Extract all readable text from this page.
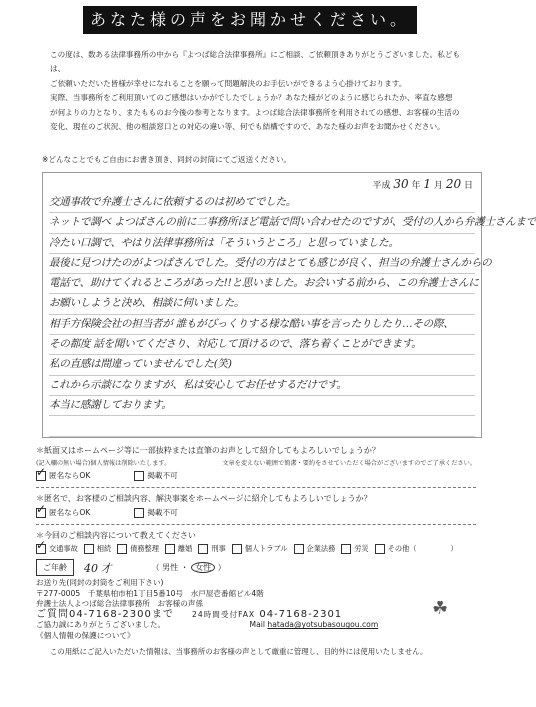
あなた様の声をお聞かせください。

この度は、数ある法律事務所の中から『よつば総合法律事務所』にご相談、ご依頼頂きありがとうございました。私どもは、

ご依頼いただいた皆様が幸せになれることを願って問題解決のお手伝いができるよう心掛けております。

実際、当事務所をご利用頂いてのご感想はいかがでしたでしょうか？あなた様がどのように感じられたか、率直な感想

が何よりの力となり、またもものお今後の参考となります。よつば総合法律事務所を利用されての感想、お客様の生活の

変化、現在のご状況、他の相談窓口との対応の違い等、何でも結構ですので、あなた様のお声をお聞かせください。

※どんなことでもご自由にお書き頂き、同封の封筒にてご返送ください。
平成 30 年 1 月 20 日
交通事故で弁護士さんに依頼するのは初めてでした。
ネットで調べ よつばさんの前に二事務所ほど電話で問い合わせたのですが、受付の人から弁護士さんまで
冷たい口調で、やはり法律事務所は「そういうところ」と思っていました。
最後に見つけたのがよつばさんでした。受付の方はとても感じが良く、担当の弁護士さんからの
電話で、助けてくれるところがあった!!と思いました。お会いする前から、この弁護士さんに
お願いしようと決め、相談に伺いました。
相手方保険会社の担当者が 誰もがびっくりする様な酷い事を言ったりしたり…その際、
その都度 話を聞いてくださり、対応して頂けるので、落ち着くことができます。
私の直感は間違っていませんでした(笑)
これから示談になりますが、私は安心してお任せするだけです。
本当に感謝しております。
＊紙面又はホームページ等に一部抜粋または直筆のお声として紹介してもよろしいでしょうか？
(記入欄の無い場合)個人情報は削除いたします。	文章を変えない範囲で簡潔・要約をさせていただく場合がございますのでご了承ください。
✓匿名ならOK	掲載不可
＊匿名で、お客様のご相談内容、解決事案をホームページに紹介してもよろしいでしょうか？
✓匿名ならOK	掲載不可
＊今回のご相談内容について教えてください
✓交通事故	相続	債務整理	離婚	刑事	個人トラブル	企業法務	労災	その他（	）
ご年齢	40 才	（ 男性 ・ 女性 ）
お送り先(同封の封筒をご利用下さい)
〒277-0005　千葉県柏市柏1丁目5番10号　水戸屋壱番館ビル4階
弁護士法人よつば総合法律事務所　お客様の声係
ご質問04-7168-2300まで 24時間受付FAX 04-7168-2301
ご協力誠にありがとうございました。	Mail hatada@yotsubasougou.com
《個人情報の保護について》
☘
この用紙にご記入いただいた情報は、当事務所のお客様の声として厳重に管理し、目的外には使用いたしません。
